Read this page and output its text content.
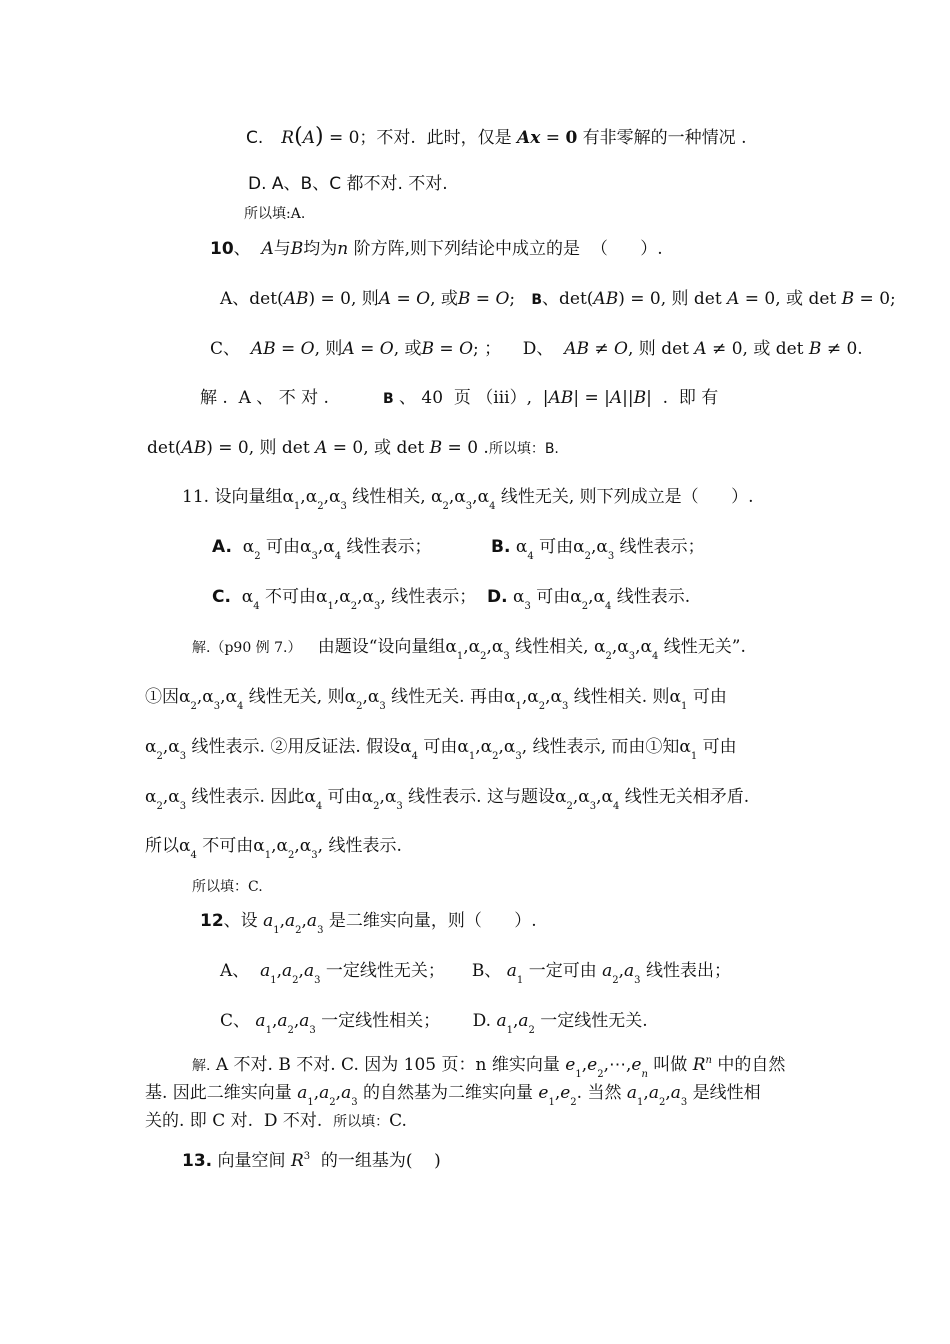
C. R(A) = 0；不对.  此时，仅是 Ax = 0 有非零解的一种情况 .
D. A、B、C 都不对. 不对.
所以填:A.
10、  A与B均为n 阶方阵,则下列结论中成立的是  （      ）.
A、det(AB) = 0, 则A = O, 或B = O;   B、det(AB) = 0, 则 det A = 0, 或 det B = 0;
C、  AB = O, 则A = O, 或B = O; ；    D、  AB ≠ O, 则 det A ≠ 0, 或 det B ≠ 0.
解 .  A 、 不 对 .          B 、 40  页 （iii）,  |AB| = |A||B|  .  即 有
det(AB) = 0, 则 det A = 0, 或 det B = 0 .所以填：B.
11. 设向量组$\alpha_1,\alpha_2,\alpha_3$ 线性相关, $\alpha_2,\alpha_3,\alpha_4$ 线性无关, 则下列成立是（      ）.
A.  $\alpha_2$ 可由$\alpha_3,\alpha_4$ 线性表示；           B. $\alpha_4$ 可由$\alpha_2,\alpha_3$ 线性表示；
C.  $\alpha_4$ 不可由$\alpha_1,\alpha_2,\alpha_3$, 线性表示；  D. $\alpha_3$ 可由$\alpha_2,\alpha_4$ 线性表示.
解.（p90 例 7.）   由题设“设向量组$\alpha_1,\alpha_2,\alpha_3$ 线性相关, $\alpha_2,\alpha_3,\alpha_4$ 线性无关”.
①因$\alpha_2,\alpha_3,\alpha_4$ 线性无关, 则$\alpha_2,\alpha_3$ 线性无关. 再由$\alpha_1,\alpha_2,\alpha_3$ 线性相关. 则$\alpha_1$ 可由
$\alpha_2,\alpha_3$ 线性表示. ②用反证法. 假设$\alpha_4$ 可由$\alpha_1,\alpha_2,\alpha_3$, 线性表示, 而由①知$\alpha_1$ 可由
$\alpha_2,\alpha_3$ 线性表示. 因此$\alpha_4$ 可由$\alpha_2,\alpha_3$ 线性表示. 这与题设$\alpha_2,\alpha_3,\alpha_4$ 线性无关相矛盾.
所以$\alpha_4$ 不可由$\alpha_1,\alpha_2,\alpha_3$, 线性表示.
所以填：C.
12、设 $a_1,a_2,a_3$ 是二维实向量，则（      ）.
A、  $a_1,a_2,a_3$ 一定线性无关；     B、 $a_1$ 一定可由 $a_2,a_3$ 线性表出；
C、 $a_1,a_2,a_3$ 一定线性相关；      D. $a_1,a_2$ 一定线性无关.
解. A 不对. B 不对. C. 因为 105 页：n 维实向量 $e_1,e_2,\cdots,e_n$ 叫做 $R^n$ 中的自然
基. 因此二维实向量 $a_1,a_2,a_3$ 的自然基为二维实向量 $e_1,e_2$. 当然 $a_1,a_2,a_3$ 是线性相
关的. 即 C 对.  D 不对.  所以填：C.
13. 向量空间 $R^3$  的一组基为(    )
